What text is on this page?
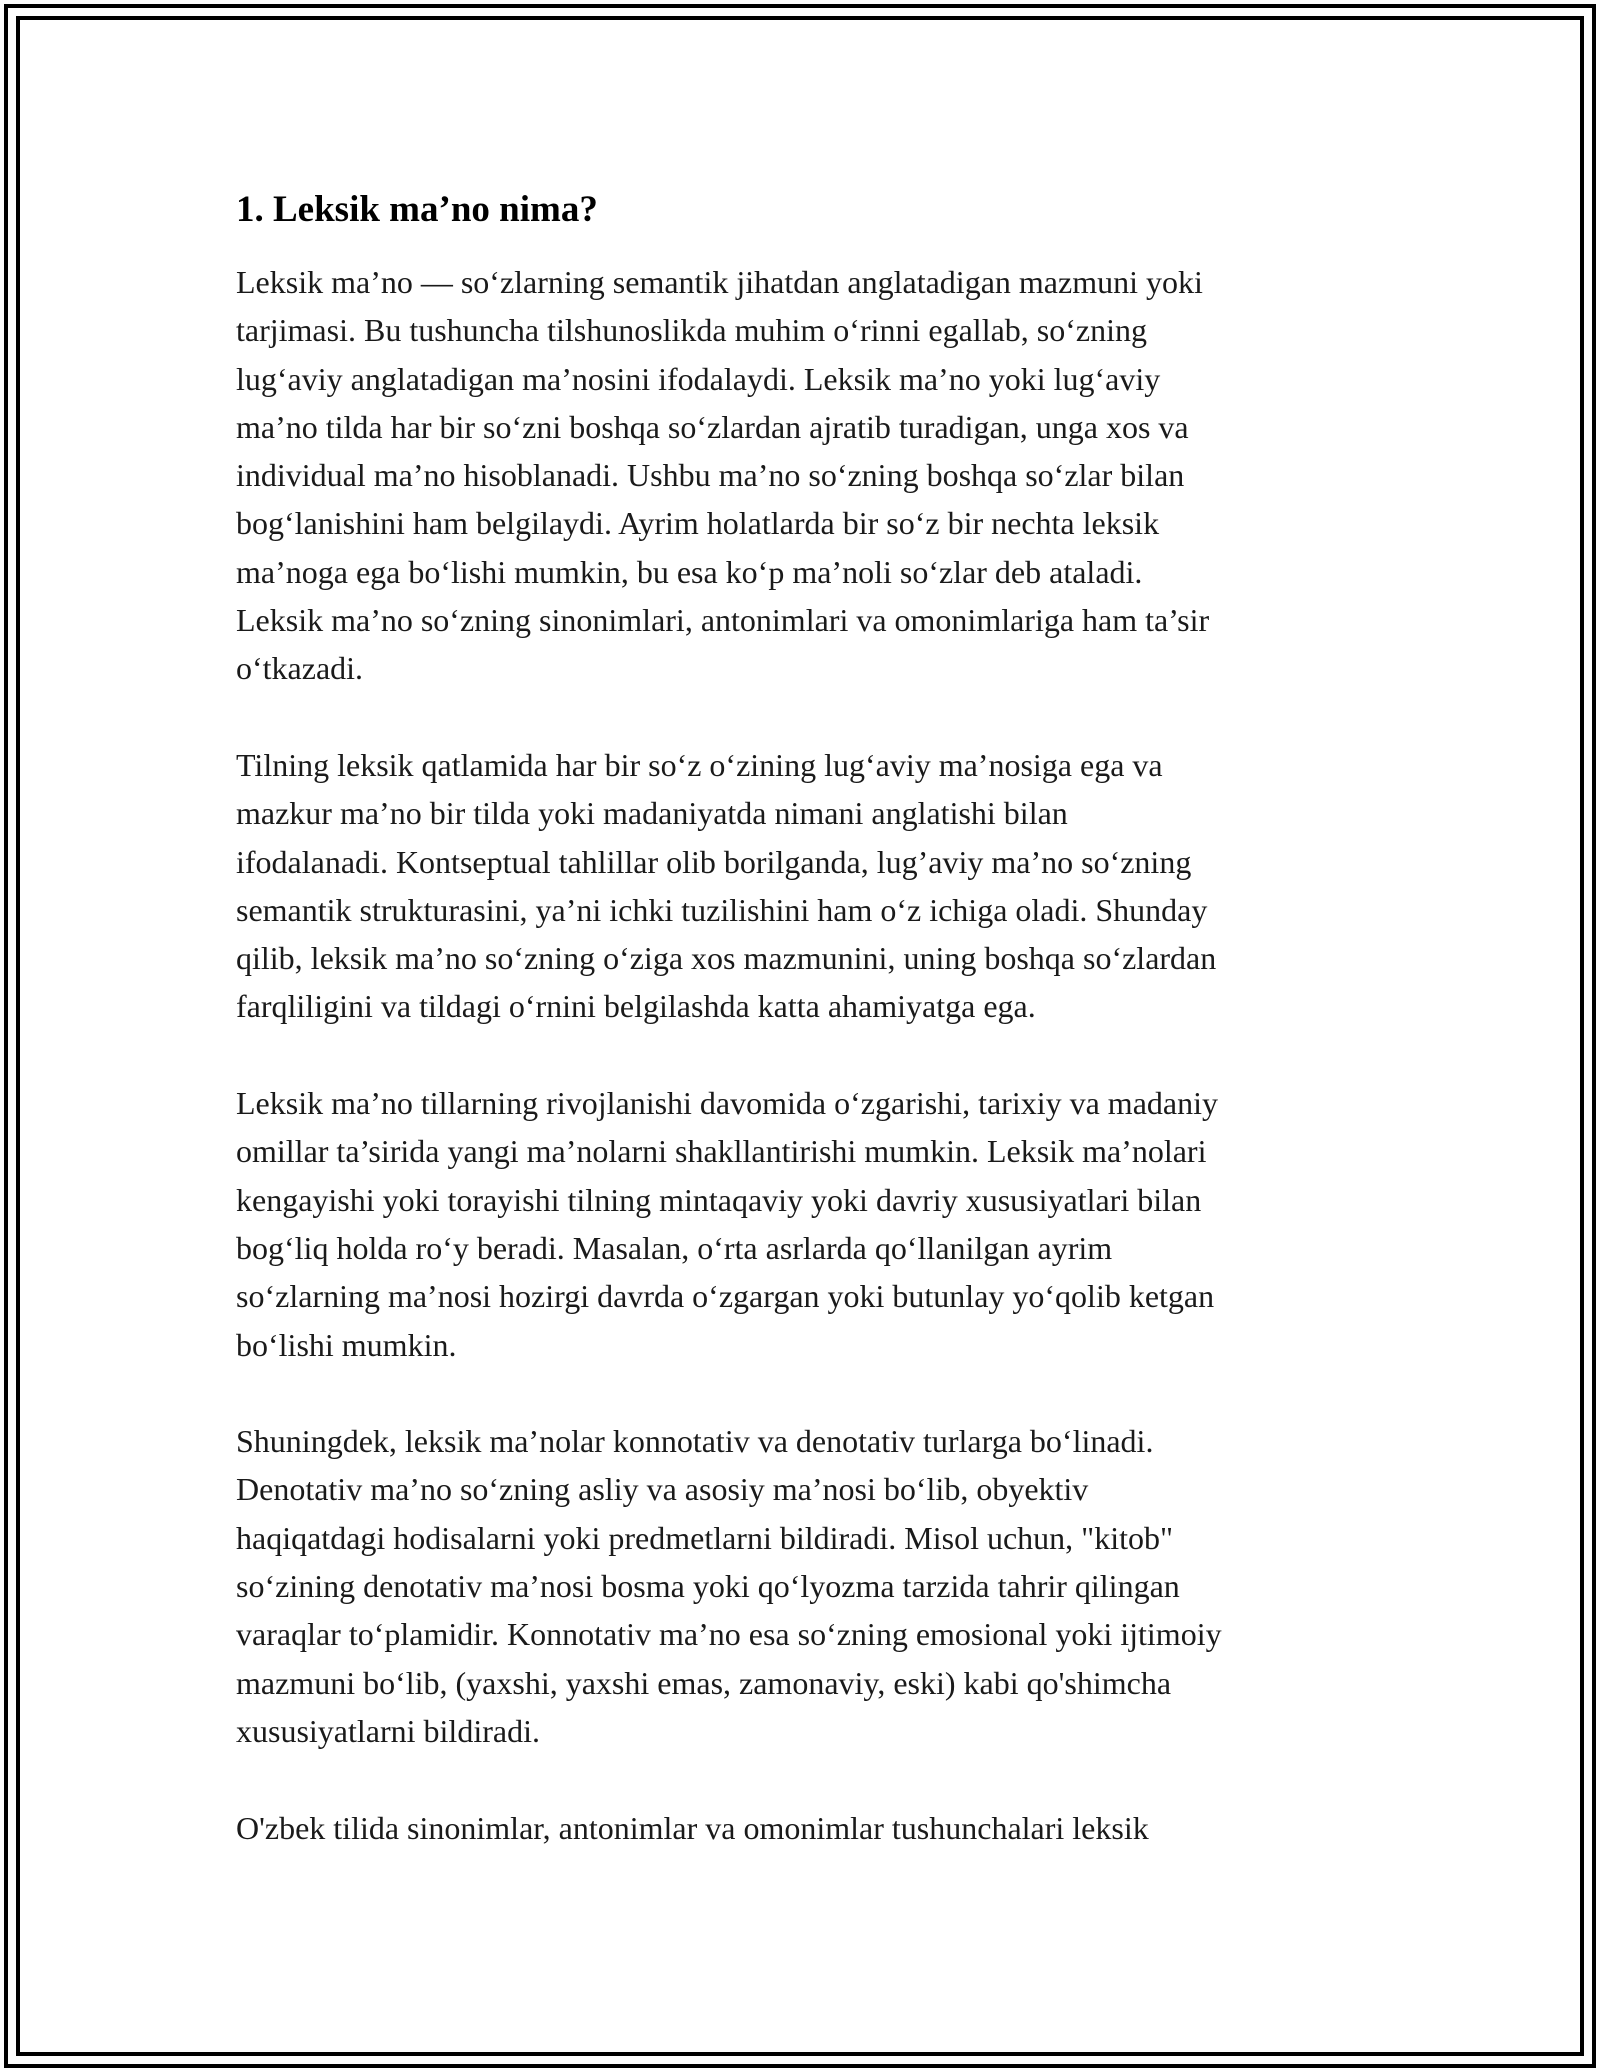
1. Leksik ma’no nima?
Leksik ma’no — so‘zlarning semantik jihatdan anglatadigan mazmuni yoki
tarjimasi. Bu tushuncha tilshunoslikda muhim o‘rinni egallab, so‘zning
lug‘aviy anglatadigan ma’nosini ifodalaydi. Leksik ma’no yoki lug‘aviy
ma’no tilda har bir so‘zni boshqa so‘zlardan ajratib turadigan, unga xos va
individual ma’no hisoblanadi. Ushbu ma’no so‘zning boshqa so‘zlar bilan
bog‘lanishini ham belgilaydi. Ayrim holatlarda bir so‘z bir nechta leksik
ma’noga ega bo‘lishi mumkin, bu esa ko‘p ma’noli so‘zlar deb ataladi.
Leksik ma’no so‘zning sinonimlari, antonimlari va omonimlariga ham ta’sir
o‘tkazadi.
Tilning leksik qatlamida har bir so‘z o‘zining lug‘aviy ma’nosiga ega va
mazkur ma’no bir tilda yoki madaniyatda nimani anglatishi bilan
ifodalanadi. Kontseptual tahlillar olib borilganda, lug’aviy ma’no so‘zning
semantik strukturasini, ya’ni ichki tuzilishini ham o‘z ichiga oladi. Shunday
qilib, leksik ma’no so‘zning o‘ziga xos mazmunini, uning boshqa so‘zlardan
farqliligini va tildagi o‘rnini belgilashda katta ahamiyatga ega.
Leksik ma’no tillarning rivojlanishi davomida o‘zgarishi, tarixiy va madaniy
omillar ta’sirida yangi ma’nolarni shakllantirishi mumkin. Leksik ma’nolari
kengayishi yoki torayishi tilning mintaqaviy yoki davriy xususiyatlari bilan
bog‘liq holda ro‘y beradi. Masalan, o‘rta asrlarda qo‘llanilgan ayrim
so‘zlarning ma’nosi hozirgi davrda o‘zgargan yoki butunlay yo‘qolib ketgan
bo‘lishi mumkin.
Shuningdek, leksik ma’nolar konnotativ va denotativ turlarga bo‘linadi.
Denotativ ma’no so‘zning asliy va asosiy ma’nosi bo‘lib, obyektiv
haqiqatdagi hodisalarni yoki predmetlarni bildiradi. Misol uchun, "kitob"
so‘zining denotativ ma’nosi bosma yoki qo‘lyozma tarzida tahrir qilingan
varaqlar to‘plamidir. Konnotativ ma’no esa so‘zning emosional yoki ijtimoiy
mazmuni bo‘lib, (yaxshi, yaxshi emas, zamonaviy, eski) kabi qo'shimcha
xususiyatlarni bildiradi.
O'zbek tilida sinonimlar, antonimlar va omonimlar tushunchalari leksik
